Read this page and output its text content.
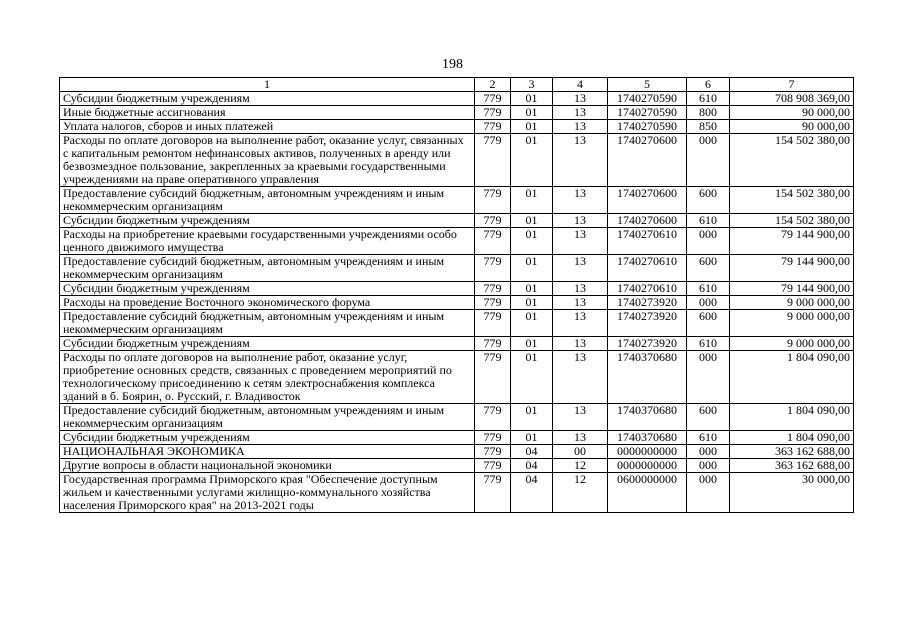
198
1	2	3	4	5	6	7
Субсидии бюджетным учреждениям	779	01	13	1740270590	610	708 908 369,00
Иные бюджетные ассигнования	779	01	13	1740270590	800	90 000,00
Уплата налогов, сборов и иных платежей	779	01	13	1740270590	850	90 000,00
Расходы по оплате договоров на выполнение работ, оказание услуг, связанных с капитальным ремонтом нефинансовых активов, полученных в аренду или безвозмездное пользование, закрепленных за краевыми государственными учреждениями на праве оперативного управления	779	01	13	1740270600	000	154 502 380,00
Предоставление субсидий бюджетным, автономным учреждениям и иным некоммерческим организациям	779	01	13	1740270600	600	154 502 380,00
Субсидии бюджетным учреждениям	779	01	13	1740270600	610	154 502 380,00
Расходы на приобретение краевыми государственными учреждениями особо ценного движимого имущества	779	01	13	1740270610	000	79 144 900,00
Предоставление субсидий бюджетным, автономным учреждениям и иным некоммерческим организациям	779	01	13	1740270610	600	79 144 900,00
Субсидии бюджетным учреждениям	779	01	13	1740270610	610	79 144 900,00
Расходы на проведение Восточного экономического форума	779	01	13	1740273920	000	9 000 000,00
Предоставление субсидий бюджетным, автономным учреждениям и иным некоммерческим организациям	779	01	13	1740273920	600	9 000 000,00
Субсидии бюджетным учреждениям	779	01	13	1740273920	610	9 000 000,00
Расходы по оплате договоров на выполнение работ, оказание услуг, приобретение основных средств, связанных с проведением мероприятий по технологическому присоединению к сетям электроснабжения комплекса зданий в б. Боярин, о. Русский, г. Владивосток	779	01	13	1740370680	000	1 804 090,00
Предоставление субсидий бюджетным, автономным учреждениям и иным некоммерческим организациям	779	01	13	1740370680	600	1 804 090,00
Субсидии бюджетным учреждениям	779	01	13	1740370680	610	1 804 090,00
НАЦИОНАЛЬНАЯ ЭКОНОМИКА	779	04	00	0000000000	000	363 162 688,00
Другие вопросы в области национальной экономики	779	04	12	0000000000	000	363 162 688,00
Государственная программа Приморского края "Обеспечение доступным жильем и качественными услугами жилищно-коммунального хозяйства населения Приморского края" на 2013-2021 годы	779	04	12	0600000000	000	30 000,00
